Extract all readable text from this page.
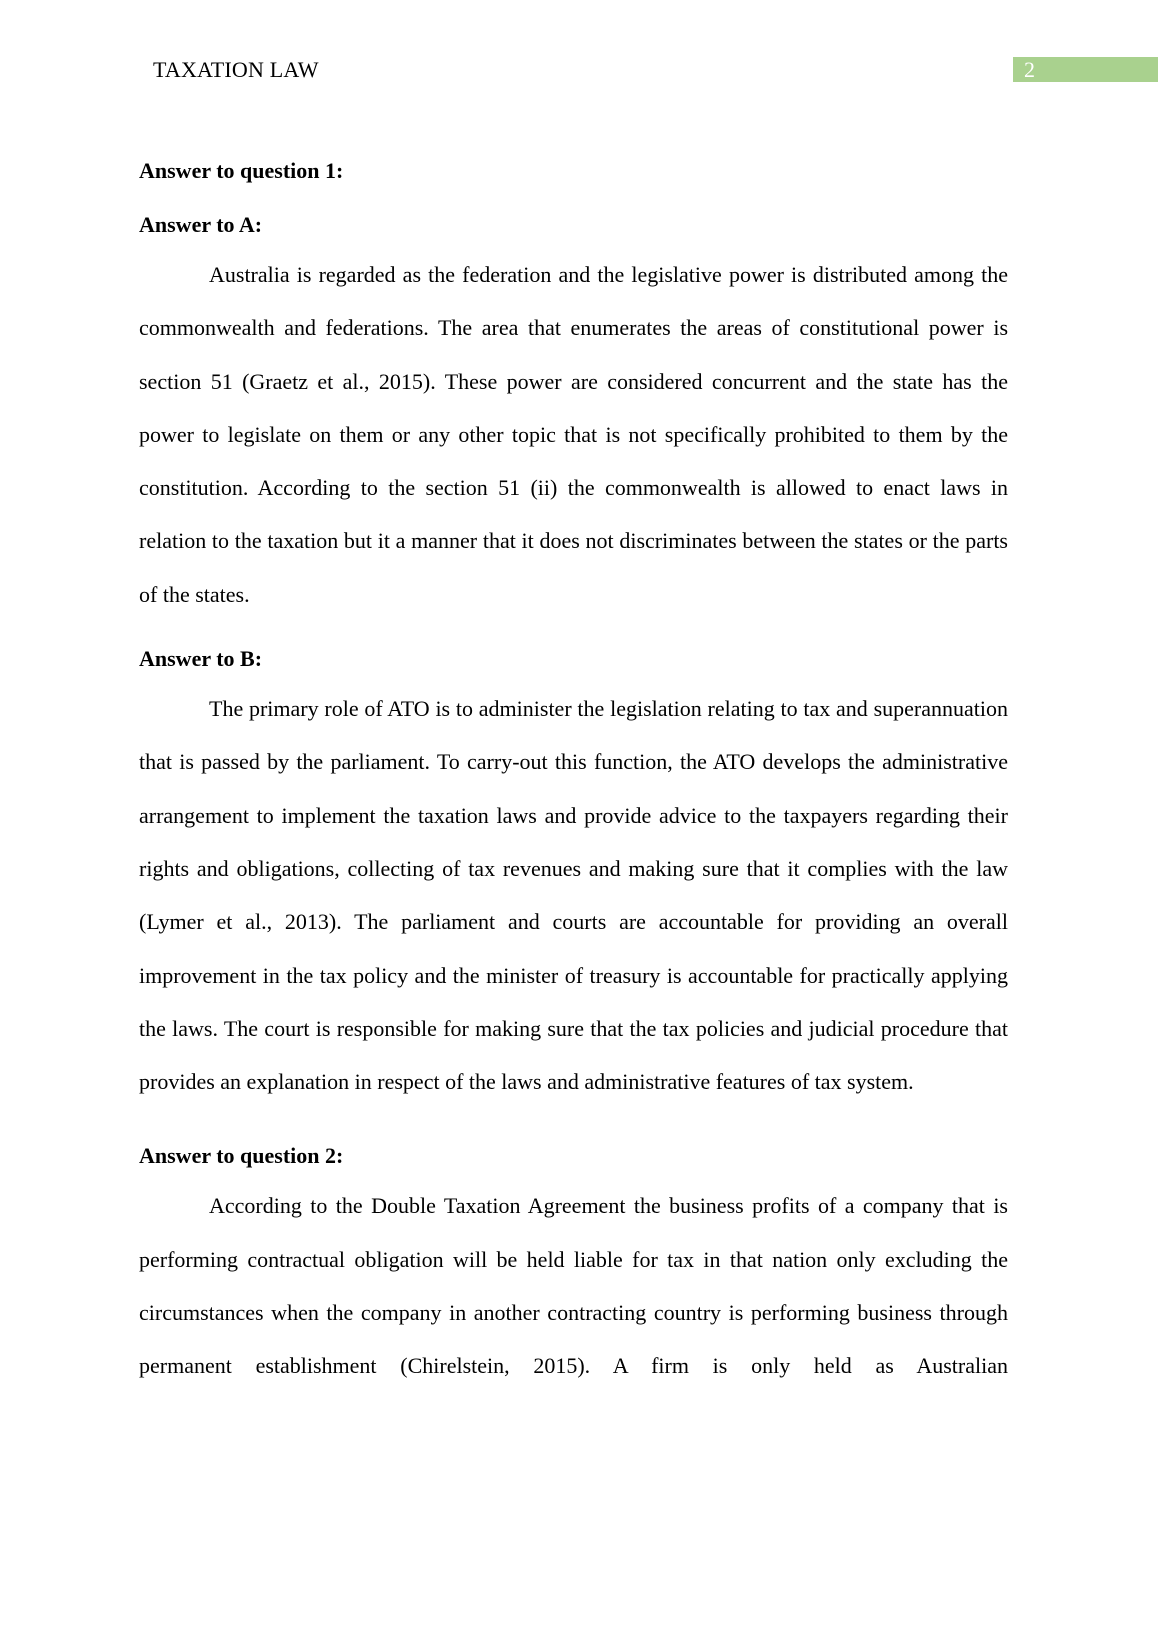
TAXATION LAW	2

Answer to question 1:

Answer to A:

Australia is regarded as the federation and the legislative power is distributed among the commonwealth and federations. The area that enumerates the areas of constitutional power is section 51 (Graetz et al., 2015). These power are considered concurrent and the state has the power to legislate on them or any other topic that is not specifically prohibited to them by the constitution. According to the section 51 (ii) the commonwealth is allowed to enact laws in relation to the taxation but it a manner that it does not discriminates between the states or the parts of the states.

Answer to B:

The primary role of ATO is to administer the legislation relating to tax and superannuation that is passed by the parliament. To carry-out this function, the ATO develops the administrative arrangement to implement the taxation laws and provide advice to the taxpayers regarding their rights and obligations, collecting of tax revenues and making sure that it complies with the law (Lymer et al., 2013). The parliament and courts are accountable for providing an overall improvement in the tax policy and the minister of treasury is accountable for practically applying the laws. The court is responsible for making sure that the tax policies and judicial procedure that provides an explanation in respect of the laws and administrative features of tax system.

Answer to question 2:

According to the Double Taxation Agreement the business profits of a company that is performing contractual obligation will be held liable for tax in that nation only excluding the circumstances when the company in another contracting country is performing business through permanent establishment (Chirelstein, 2015). A firm is only held as Australian
